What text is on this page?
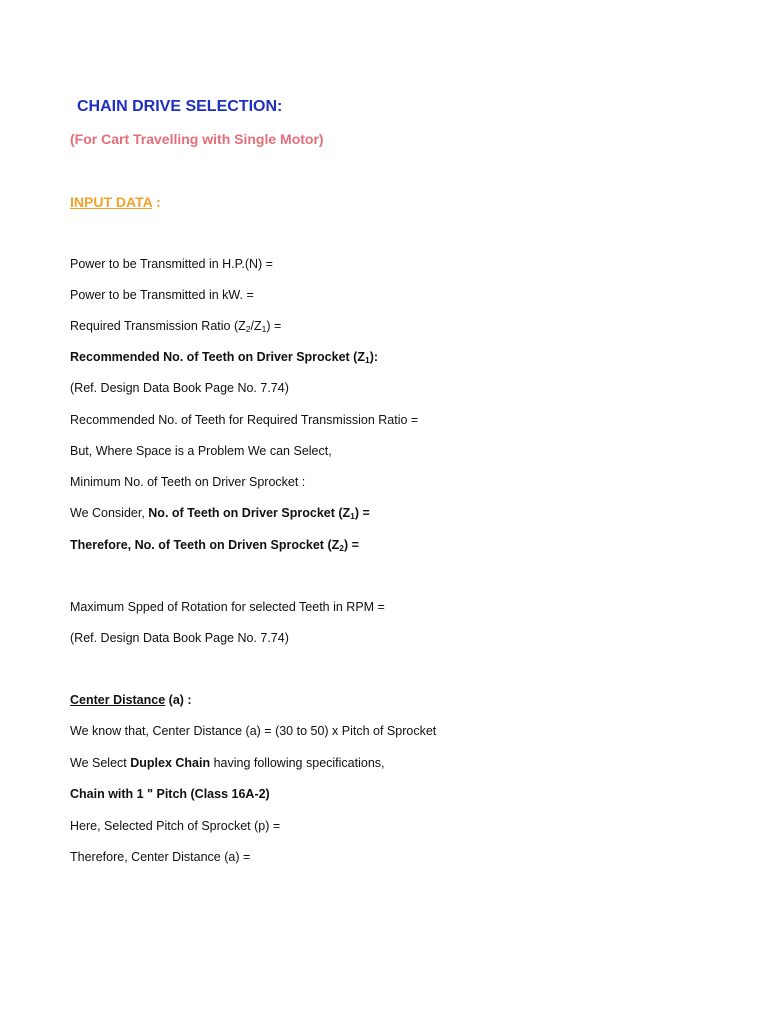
CHAIN DRIVE SELECTION:
(For Cart Travelling with Single Motor)
INPUT DATA :
Power to be Transmitted in H.P.(N) =
Power to be Transmitted in kW. =
Required Transmission Ratio $(Z_2/Z_1)$ =
Recommended No. of Teeth on Driver Sprocket $(Z_1)$:
(Ref. Design Data Book Page No. 7.74)
Recommended No. of Teeth for Required Transmission Ratio =
But, Where Space is a Problem We can Select,
Minimum No. of Teeth on Driver Sprocket :
We Consider, No. of Teeth on Driver Sprocket $(Z_1)$ =
Therefore, No. of Teeth on Driven Sprocket $(Z_2)$ =
Maximum Spped of Rotation for selected Teeth in RPM =
(Ref. Design Data Book Page No. 7.74)
Center Distance (a) :
We know that, Center Distance (a) = (30 to 50) x Pitch of Sprocket
We Select Duplex Chain having following specifications,
Chain with 1 " Pitch (Class 16A-2)
Here, Selected Pitch of Sprocket (p) =
Therefore, Center Distance (a) =
